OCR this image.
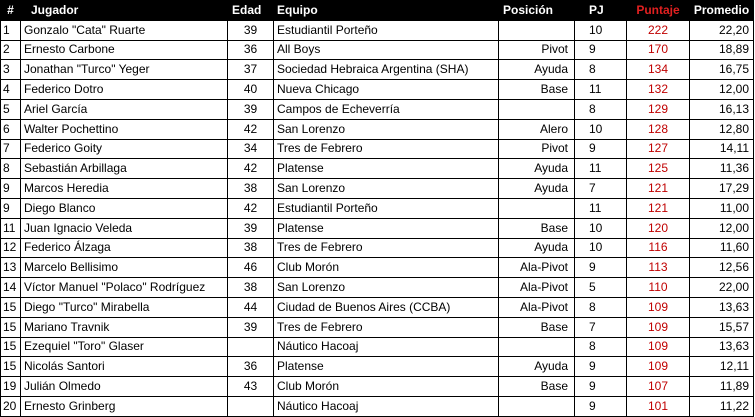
#	Jugador	Edad	Equipo	Posición	PJ	Puntaje	Promedio
1	Gonzalo "Cata" Ruarte	39	Estudiantil Porteño		10	222	22,20
2	Ernesto Carbone	36	All Boys	Pivot	9	170	18,89
3	Jonathan "Turco" Yeger	37	Sociedad Hebraica Argentina (SHA)	Ayuda	8	134	16,75
4	Federico Dotro	40	Nueva Chicago	Base	11	132	12,00
5	Ariel García	39	Campos de Echeverría		8	129	16,13
6	Walter Pochettino	42	San Lorenzo	Alero	10	128	12,80
7	Federico Goity	34	Tres de Febrero	Pivot	9	127	14,11
8	Sebastián Arbillaga	42	Platense	Ayuda	11	125	11,36
9	Marcos Heredia	38	San Lorenzo	Ayuda	7	121	17,29
9	Diego Blanco	42	Estudiantil Porteño		11	121	11,00
11	Juan Ignacio Veleda	39	Platense	Base	10	120	12,00
12	Federico Álzaga	38	Tres de Febrero	Ayuda	10	116	11,60
13	Marcelo Bellisimo	46	Club Morón	Ala-Pivot	9	113	12,56
14	Víctor Manuel "Polaco" Rodríguez	38	San Lorenzo	Ala-Pivot	5	110	22,00
15	Diego "Turco" Mirabella	44	Ciudad de Buenos Aires (CCBA)	Ala-Pivot	8	109	13,63
15	Mariano Travnik	39	Tres de Febrero	Base	7	109	15,57
15	Ezequiel "Toro" Glaser		Náutico Hacoaj		8	109	13,63
15	Nicolás Santori	36	Platense	Ayuda	9	109	12,11
19	Julián Olmedo	43	Club Morón	Base	9	107	11,89
20	Ernesto Grinberg		Náutico Hacoaj		9	101	11,22
